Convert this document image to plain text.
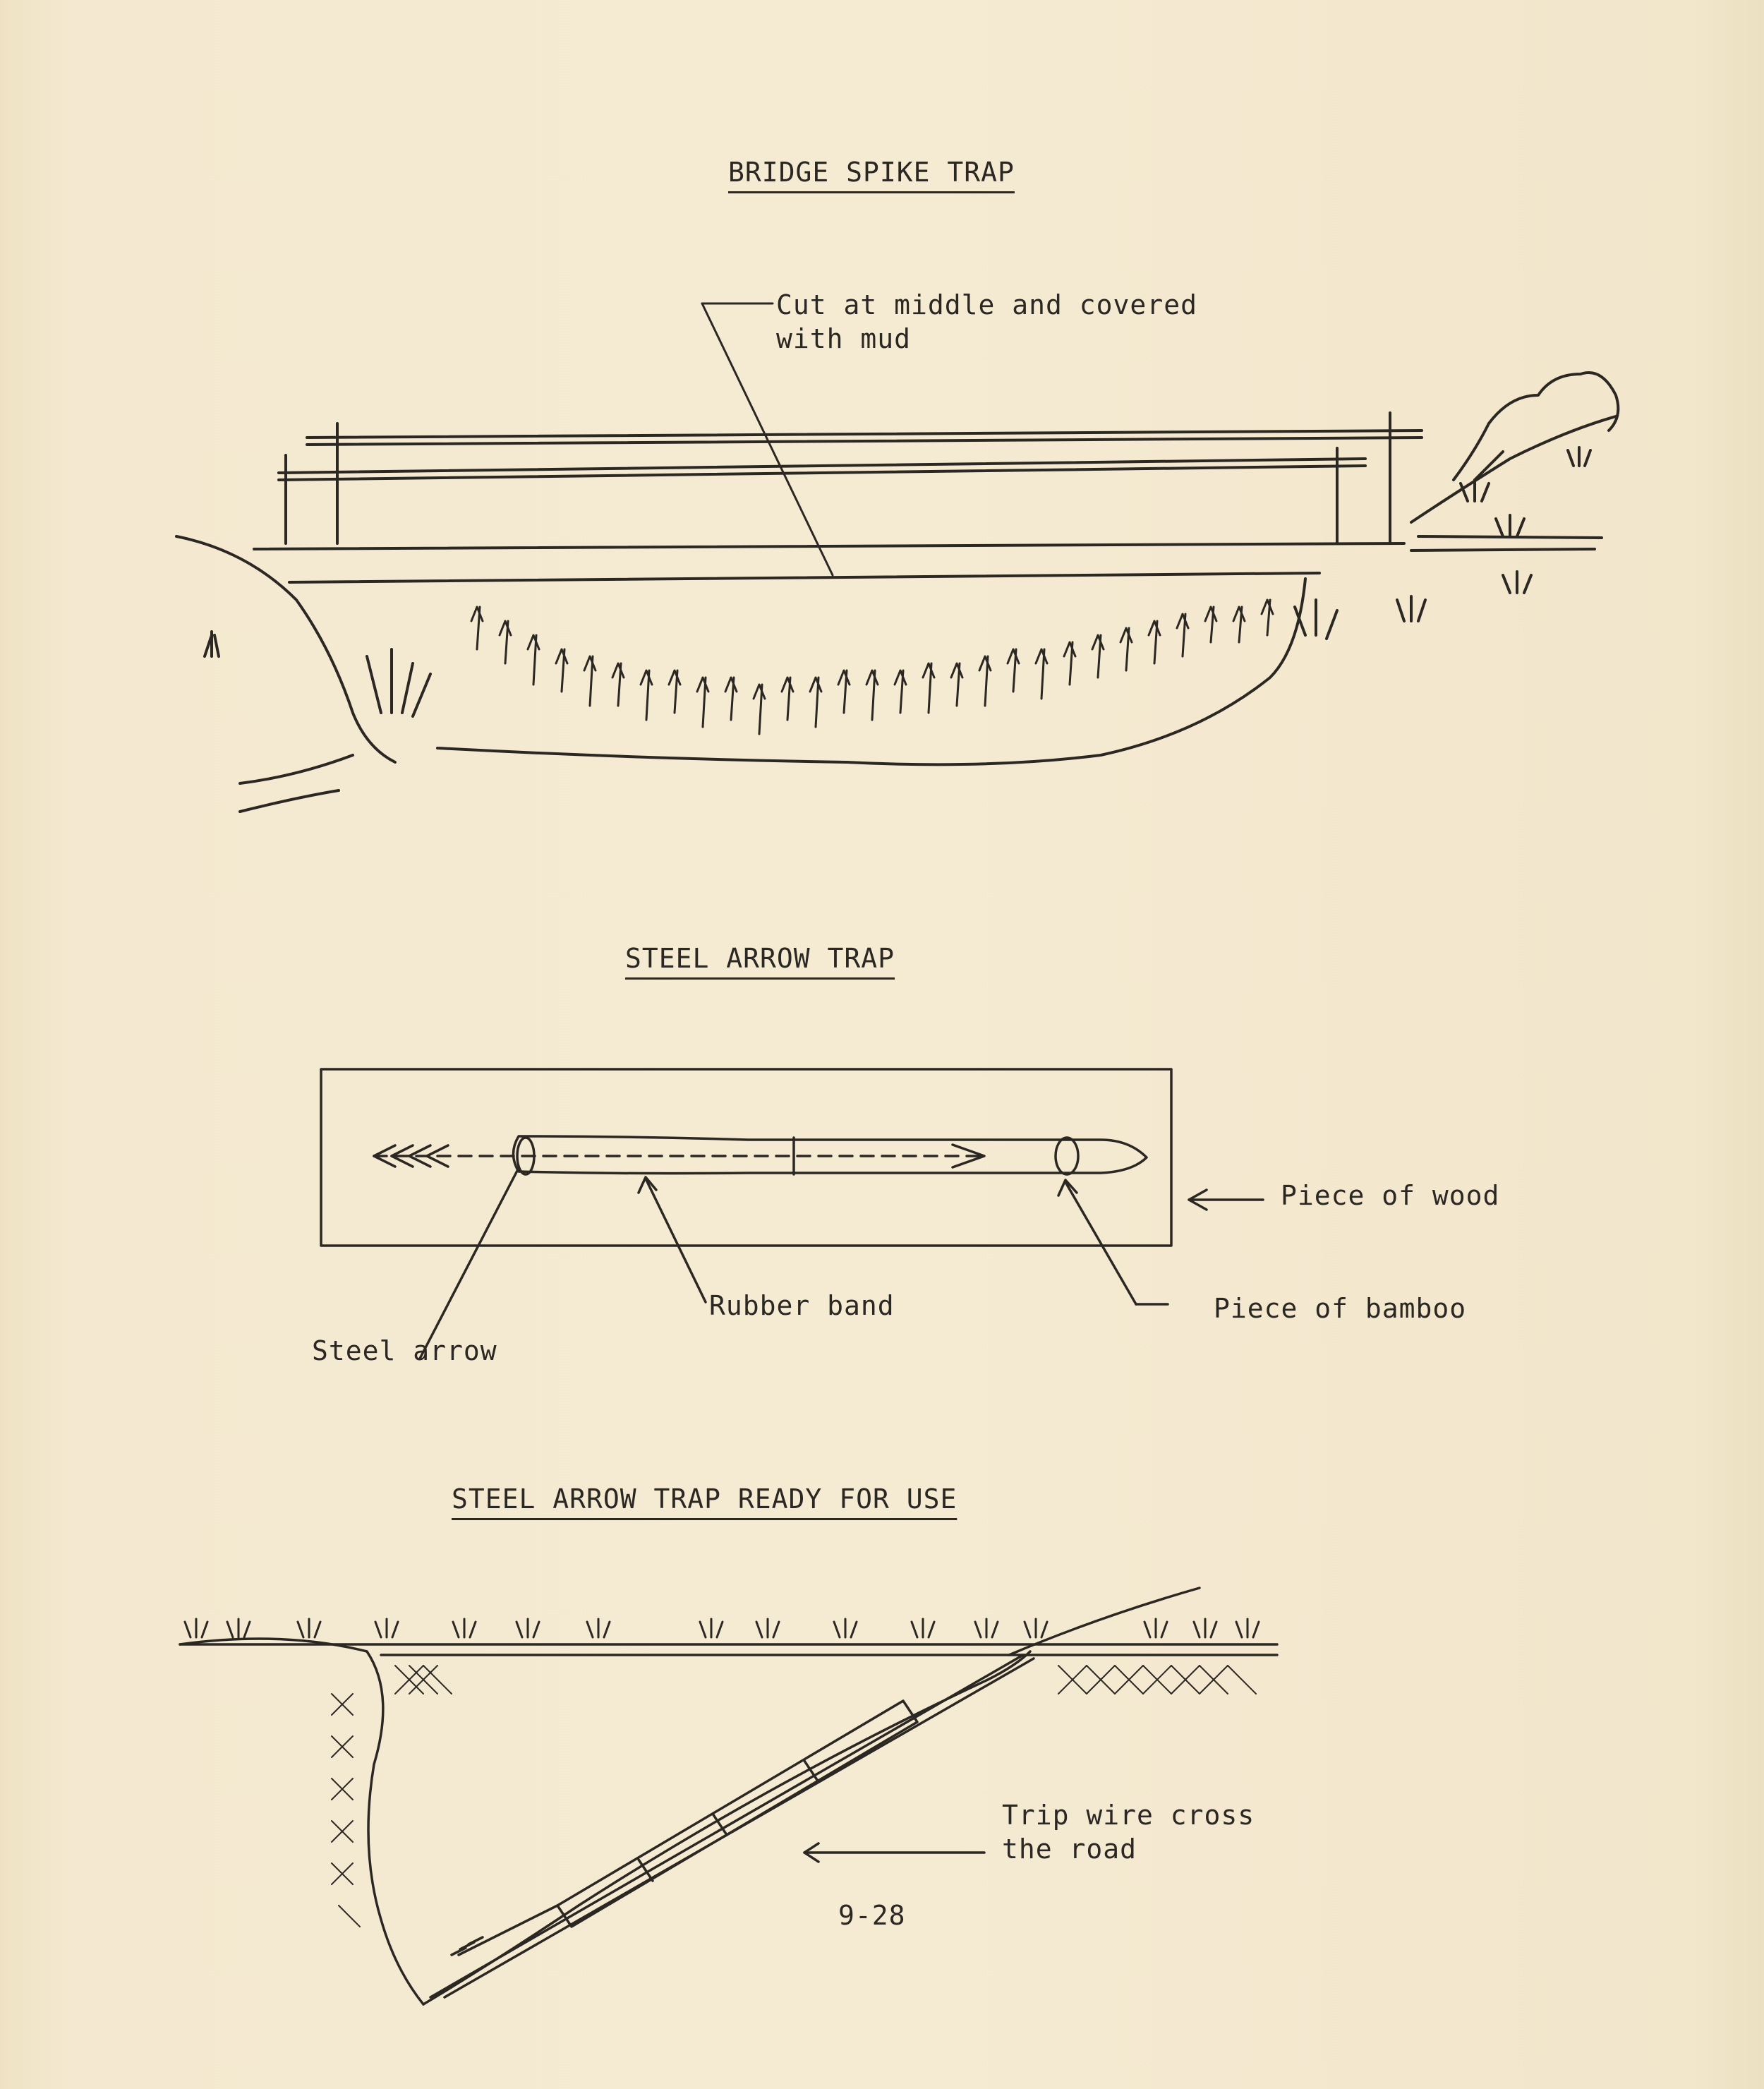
BRIDGE SPIKE TRAP
Cut at middle and covered
with mud
STEEL ARROW TRAP
Piece of wood
Rubber band	Piece of bamboo
Steel arrow
STEEL ARROW TRAP READY FOR USE
Trip wire cross
the road
9-28
